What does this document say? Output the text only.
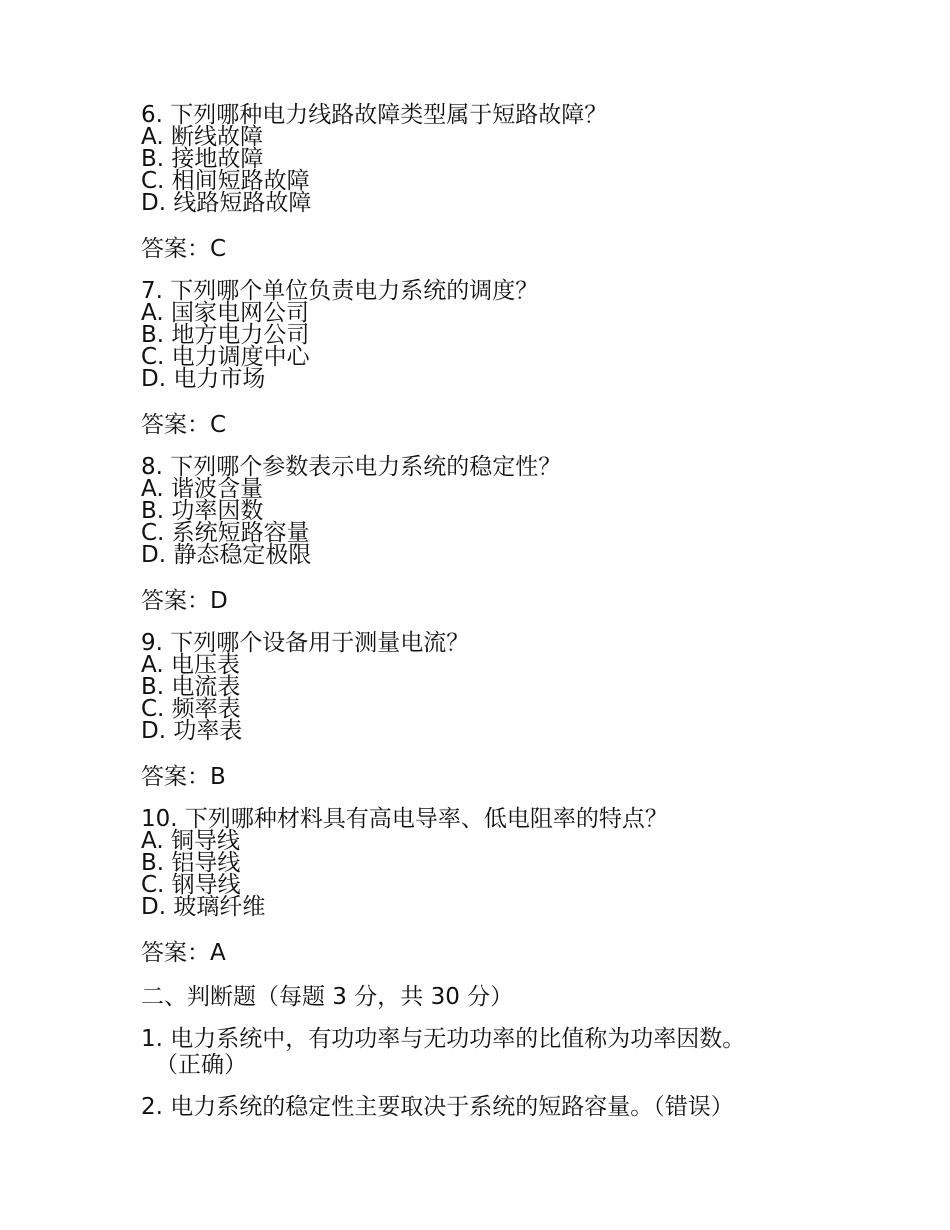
6. 下列哪种电力线路故障类型属于短路故障？
A. 断线故障
B. 接地故障
C. 相间短路故障
D. 线路短路故障
答案：C
7. 下列哪个单位负责电力系统的调度？
A. 国家电网公司
B. 地方电力公司
C. 电力调度中心
D. 电力市场
答案：C
8. 下列哪个参数表示电力系统的稳定性？
A. 谐波含量
B. 功率因数
C. 系统短路容量
D. 静态稳定极限
答案：D
9. 下列哪个设备用于测量电流？
A. 电压表
B. 电流表
C. 频率表
D. 功率表
答案：B
10. 下列哪种材料具有高电导率、低电阻率的特点？
A. 铜导线
B. 铝导线
C. 钢导线
D. 玻璃纤维
答案：A
二、判断题（每题 3 分，共 30 分）
1. 电力系统中，有功功率与无功功率的比值称为功率因数。
（正确）
2. 电力系统的稳定性主要取决于系统的短路容量。（错误）
